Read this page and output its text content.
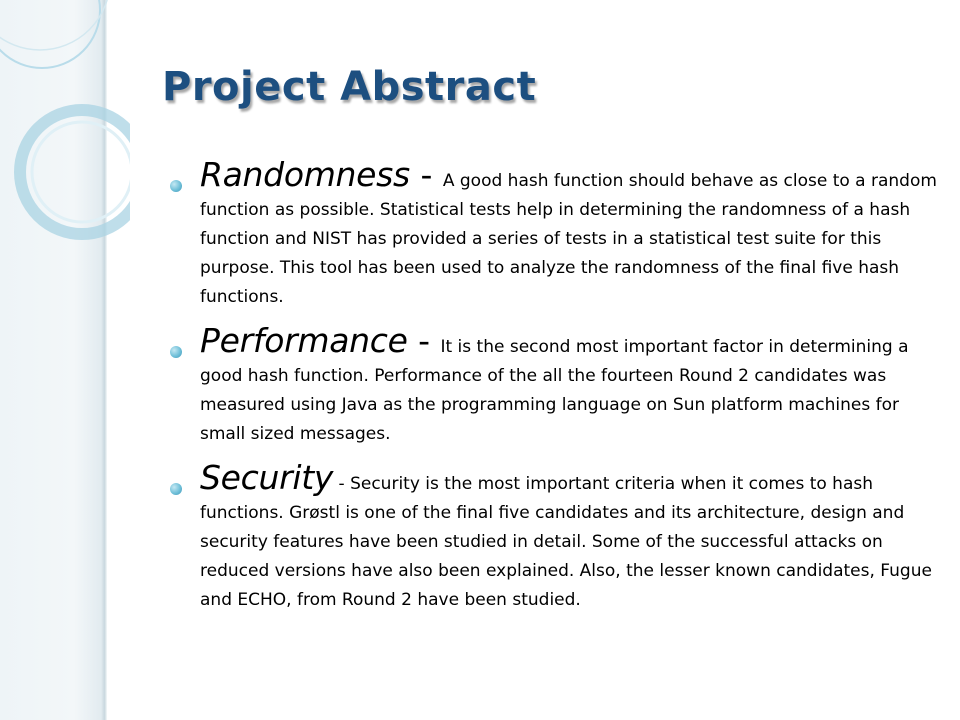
Project Abstract
Randomness - A good hash function should behave as close to a random function as possible. Statistical tests help in determining the randomness of a hash function and NIST has provided a series of tests in a statistical test suite for this purpose. This tool has been used to analyze the randomness of the final five hash functions.
Performance - It is the second most important factor in determining a good hash function. Performance of the all the fourteen Round 2 candidates was measured using Java as the programming language on Sun platform machines for small sized messages.
Security - Security is the most important criteria when it comes to hash functions. Grøstl is one of the final five candidates and its architecture, design and security features have been studied in detail. Some of the successful attacks on reduced versions have also been explained. Also, the lesser known candidates, Fugue and ECHO, from Round 2 have been studied.
